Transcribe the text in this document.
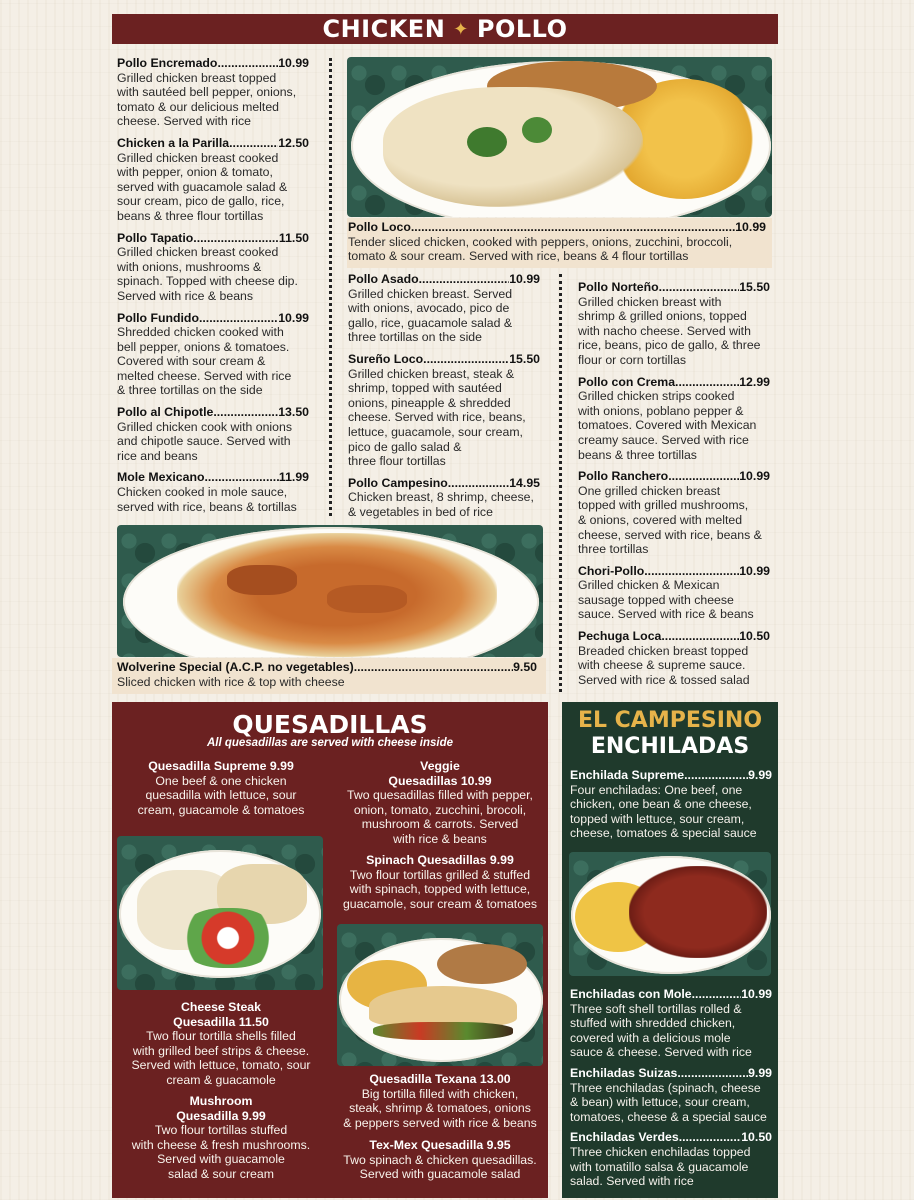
CHICKEN ✦ POLLO
Pollo Encremado .....	10.99
Grilled chicken breast topped
with sautéed bell pepper, onions,
tomato & our delicious melted
cheese. Served with rice
Chicken a la Parilla .....	12.50
Grilled chicken breast cooked
with pepper, onion & tomato,
served with guacamole salad &
sour cream, pico de gallo, rice,
beans & three flour tortillas
Pollo Tapatio .....	11.50
Grilled chicken breast cooked
with onions, mushrooms &
spinach. Topped with cheese dip.
Served with rice & beans
Pollo Fundido .....	10.99
Shredded chicken cooked with
bell pepper, onions & tomatoes.
Covered with sour cream &
melted cheese. Served with rice
& three tortillas on the side
Pollo al Chipotle .....	13.50
Grilled chicken cook with onions
and chipotle sauce. Served with
rice and beans
Mole Mexicano .....	11.99
Chicken cooked in mole sauce,
served with rice, beans & tortillas
Pollo Loco .....	10.99
Tender sliced chicken, cooked with peppers, onions, zucchini, broccoli,
tomato & sour cream. Served with rice, beans & 4 flour tortillas
Pollo Asado .....	10.99
Grilled chicken breast. Served
with onions, avocado, pico de
gallo, rice, guacamole salad &
three tortillas on the side
Sureño Loco .....	15.50
Grilled chicken breast, steak &
shrimp, topped with sautéed
onions, pineapple & shredded
cheese. Served with rice, beans,
lettuce, guacamole, sour cream,
pico de gallo salad &
three flour tortillas
Pollo Campesino .....	14.95
Chicken breast, 8 shrimp, cheese,
& vegetables in bed of rice
Pollo Norteño .....	15.50
Grilled chicken breast with
shrimp & grilled onions, topped
with nacho cheese. Served with
rice, beans, pico de gallo, & three
flour or corn tortillas
Pollo con Crema .....	12.99
Grilled chicken strips cooked
with onions, poblano pepper &
tomatoes. Covered with Mexican
creamy sauce. Served with rice
beans & three tortillas
Pollo Ranchero .....	10.99
One grilled chicken breast
topped with grilled mushrooms,
& onions, covered with melted
cheese, served with rice, beans &
three tortillas
Chori-Pollo .....	10.99
Grilled chicken & Mexican
sausage topped with cheese
sauce. Served with rice & beans
Pechuga Loca .....	10.50
Breaded chicken breast topped
with cheese & supreme sauce.
Served with rice & tossed salad
Wolverine Special (A.C.P. no vegetables) .....	9.50
Sliced chicken with rice & top with cheese
QUESADILLAS
All quesadillas are served with cheese inside
Quesadilla Supreme 9.99
One beef & one chicken
quesadilla with lettuce, sour
cream, guacamole & tomatoes
Veggie
Quesadillas 10.99
Two quesadillas filled with pepper,
onion, tomato, zucchini, brocoli,
mushroom & carrots. Served
with rice & beans
Spinach Quesadillas 9.99
Two flour tortillas grilled & stuffed
with spinach, topped with lettuce,
guacamole, sour cream & tomatoes
Cheese Steak
Quesadilla 11.50
Two flour tortilla shells filled
with grilled beef strips & cheese.
Served with lettuce, tomato, sour
cream & guacamole
Mushroom
Quesadilla 9.99
Two flour tortillas stuffed
with cheese & fresh mushrooms.
Served with guacamole
salad & sour cream
Quesadilla Texana 13.00
Big tortilla filled with chicken,
steak, shrimp & tomatoes, onions
& peppers served with rice & beans
Tex-Mex Quesadilla 9.95
Two spinach & chicken quesadillas.
Served with guacamole salad
EL CAMPESINO
ENCHILADAS
Enchilada Supreme .....	9.99
Four enchiladas: One beef, one
chicken, one bean & one cheese,
topped with lettuce, sour cream,
cheese, tomatoes & special sauce
Enchiladas con Mole .....	10.99
Three soft shell tortillas rolled &
stuffed with shredded chicken,
covered with a delicious mole
sauce & cheese. Served with rice
Enchiladas Suizas .....	9.99
Three enchiladas (spinach, cheese
& bean) with lettuce, sour cream,
tomatoes, cheese & a special sauce
Enchiladas Verdes .....	10.50
Three chicken enchiladas topped
with tomatillo salsa & guacamole
salad. Served with rice
